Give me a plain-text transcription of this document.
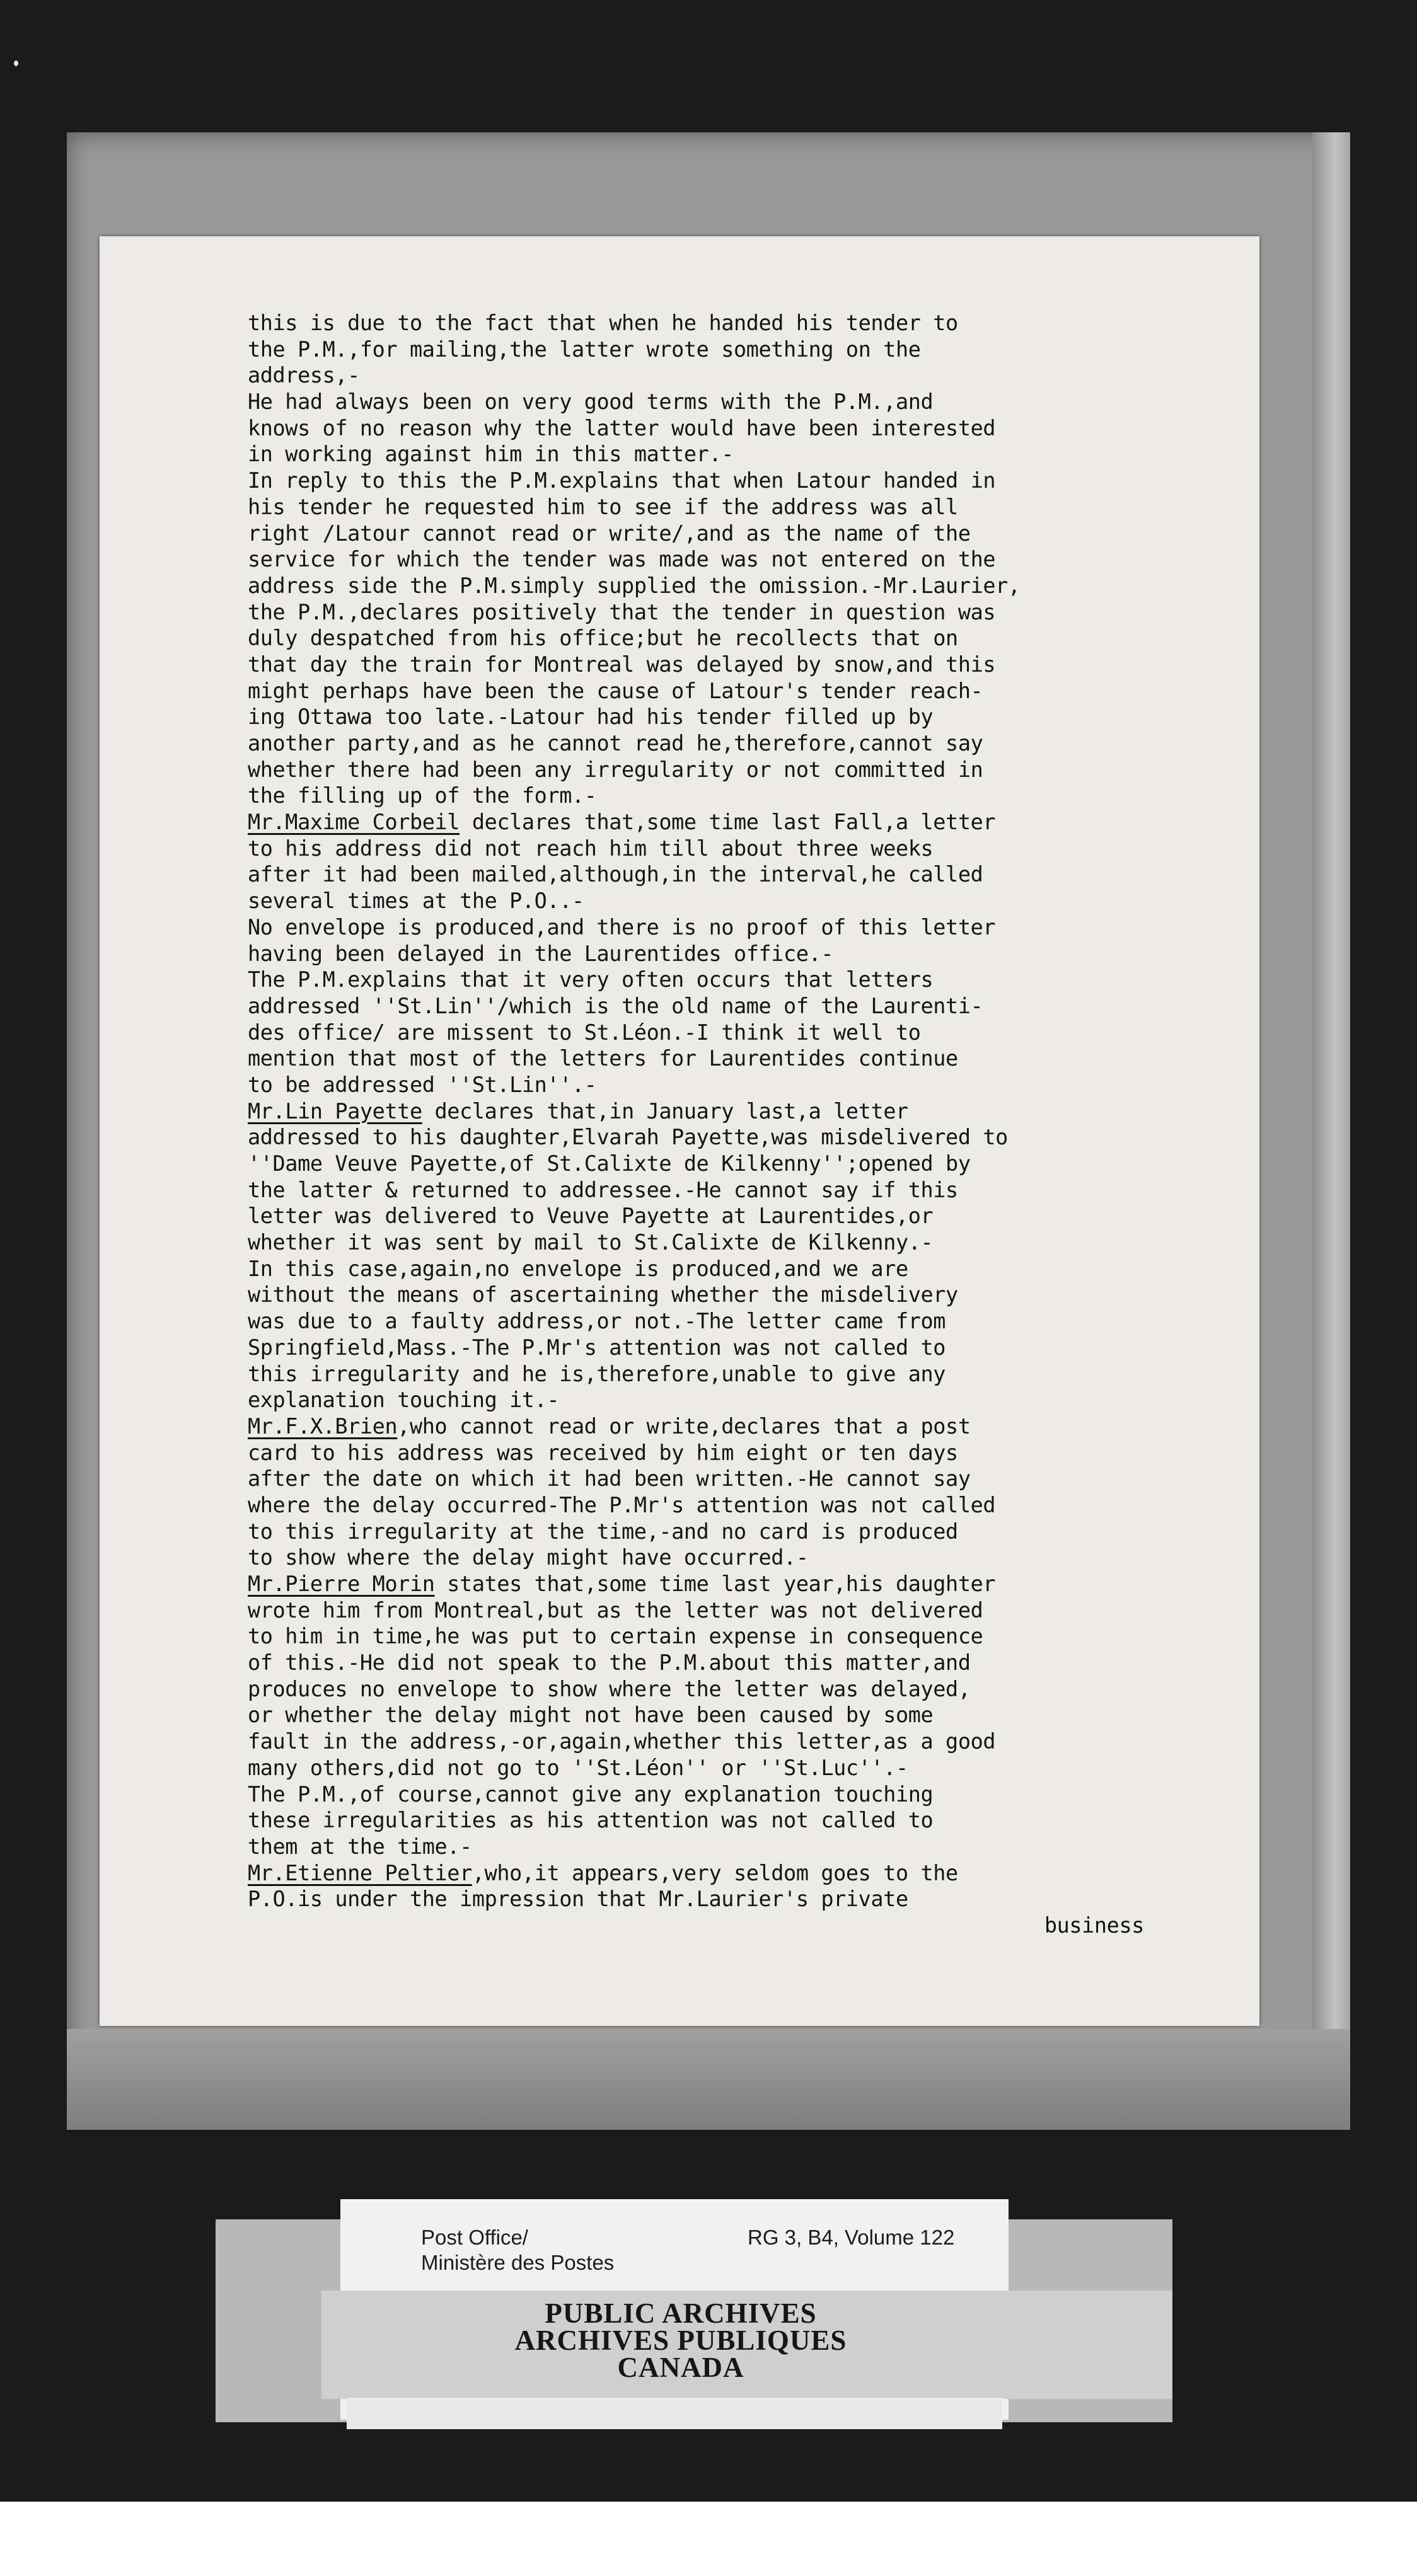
this is due to the fact that when he handed his tender to
the P.M.,for mailing,the latter wrote something on the
address,-
He had always been on very good terms with the P.M.,and
knows of no reason why the latter would have been interested
in working against him in this matter.-
In reply to this the P.M.explains that when Latour handed in
his tender he requested him to see if the address was all
right /Latour cannot read or write/,and as the name of the
service for which the tender was made was not entered on the
address side the P.M.simply supplied the omission.-Mr.Laurier,
the P.M.,declares positively that the tender in question was
duly despatched from his office;but he recollects that on
that day the train for Montreal was delayed by snow,and this
might perhaps have been the cause of Latour's tender reach-
ing Ottawa too late.-Latour had his tender filled up by
another party,and as he cannot read he,therefore,cannot say
whether there had been any irregularity or not committed in
the filling up of the form.-
Mr.Maxime Corbeil declares that,some time last Fall,a letter
to his address did not reach him till about three weeks
after it had been mailed,although,in the interval,he called
several times at the P.O..-
No envelope is produced,and there is no proof of this letter
having been delayed in the Laurentides office.-
The P.M.explains that it very often occurs that letters
addressed ''St.Lin''/which is the old name of the Laurenti-
des office/ are missent to St.Léon.-I think it well to
mention that most of the letters for Laurentides continue
to be addressed ''St.Lin''.-
Mr.Lin Payette declares that,in January last,a letter
addressed to his daughter,Elvarah Payette,was misdelivered to
''Dame Veuve Payette,of St.Calixte de Kilkenny'';opened by
the latter & returned to addressee.-He cannot say if this
letter was delivered to Veuve Payette at Laurentides,or
whether it was sent by mail to St.Calixte de Kilkenny.-
In this case,again,no envelope is produced,and we are
without the means of ascertaining whether the misdelivery
was due to a faulty address,or not.-The letter came from
Springfield,Mass.-The P.Mr's attention was not called to
this irregularity and he is,therefore,unable to give any
explanation touching it.-
Mr.F.X.Brien,who cannot read or write,declares that a post
card to his address was received by him eight or ten days
after the date on which it had been written.-He cannot say
where the delay occurred-The P.Mr's attention was not called
to this irregularity at the time,-and no card is produced
to show where the delay might have occurred.-
Mr.Pierre Morin states that,some time last year,his daughter
wrote him from Montreal,but as the letter was not delivered
to him in time,he was put to certain expense in consequence
of this.-He did not speak to the P.M.about this matter,and
produces no envelope to show where the letter was delayed,
or whether the delay might not have been caused by some
fault in the address,-or,again,whether this letter,as a good
many others,did not go to ''St.Léon'' or ''St.Luc''.-
The P.M.,of course,cannot give any explanation touching
these irregularities as his attention was not called to
them at the time.-
Mr.Etienne Peltier,who,it appears,very seldom goes to the
P.O.is under the impression that Mr.Laurier's private
business
Post Office/
Ministère des Postes
RG 3, B4, Volume 122
PUBLIC ARCHIVES
ARCHIVES PUBLIQUES
CANADA
